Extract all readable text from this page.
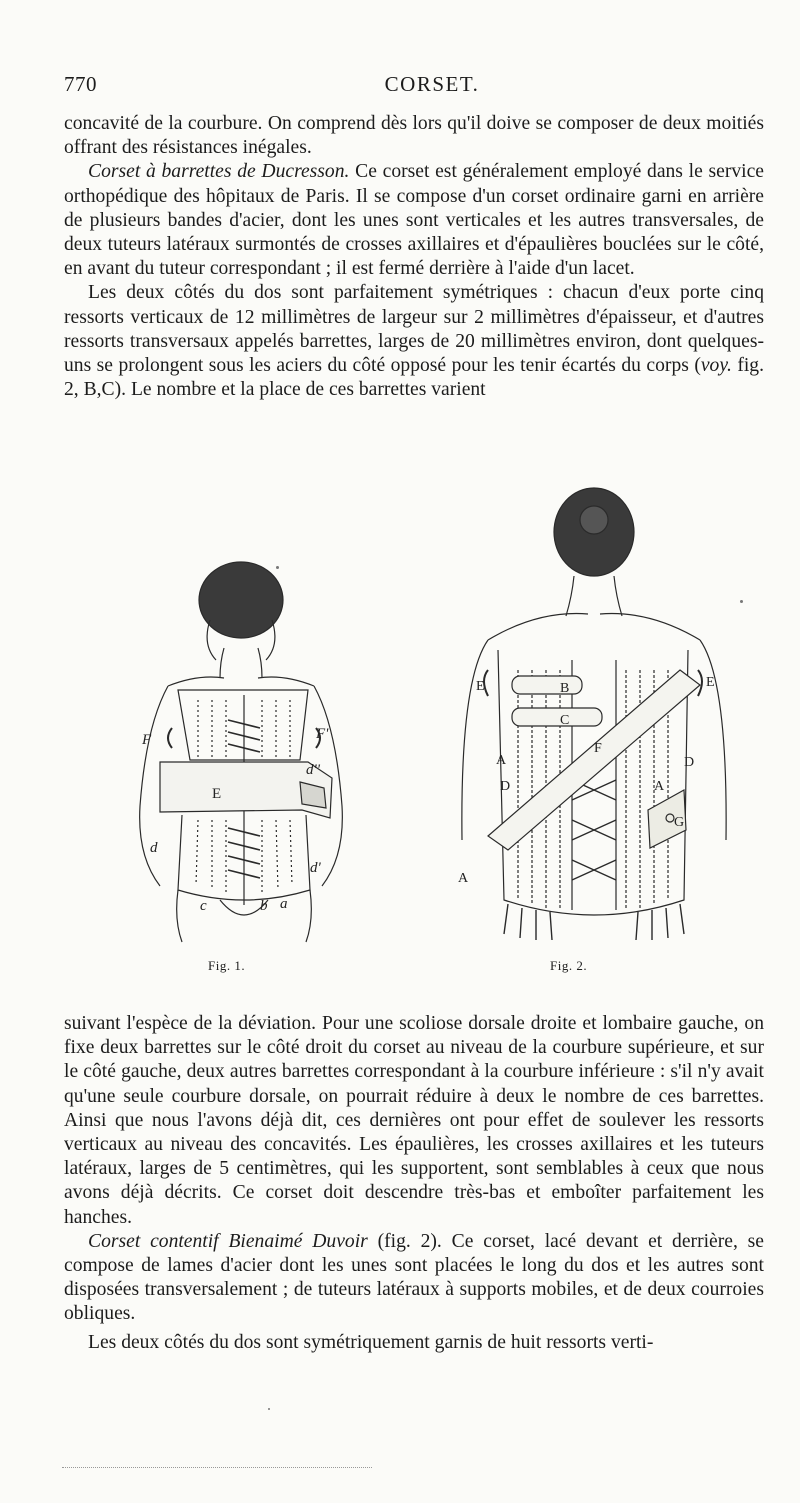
770	CORSET.

concavité de la courbure. On comprend dès lors qu'il doive se composer de deux moitiés offrant des résistances inégales.

Corset à barrettes de Ducresson. Ce corset est généralement employé dans le service orthopédique des hôpitaux de Paris. Il se compose d'un corset ordinaire garni en arrière de plusieurs bandes d'acier, dont les unes sont verticales et les autres transversales, de deux tuteurs latéraux surmontés de crosses axillaires et d'épaulières bouclées sur le côté, en avant du tuteur correspondant ; il est fermé derrière à l'aide d'un lacet.

Les deux côtés du dos sont parfaitement symétriques : chacun d'eux porte cinq ressorts verticaux de 12 millimètres de largeur sur 2 millimètres d'épaisseur, et d'autres ressorts transversaux appelés barrettes, larges de 20 millimètres environ, dont quelques-uns se prolongent sous les aciers du côté opposé pour les tenir écartés du corps (voy. fig. 2, B,C). Le nombre et la place de ces barrettes varient

F	F'
d''
E
d
d'
c	b a
Fig. 1.
E	E
B
C
F
A
D
D
A
G
A
Fig. 2.

suivant l'espèce de la déviation. Pour une scoliose dorsale droite et lombaire gauche, on fixe deux barrettes sur le côté droit du corset au niveau de la courbure supérieure, et sur le côté gauche, deux autres barrettes correspondant à la courbure inférieure : s'il n'y avait qu'une seule courbure dorsale, on pourrait réduire à deux le nombre de ces barrettes. Ainsi que nous l'avons déjà dit, ces dernières ont pour effet de soulever les ressorts verticaux au niveau des concavités. Les épaulières, les crosses axillaires et les tuteurs latéraux, larges de 5 centimètres, qui les supportent, sont semblables à ceux que nous avons déjà décrits. Ce corset doit descendre très-bas et emboîter parfaitement les hanches.

Corset contentif Bienaimé Duvoir (fig. 2). Ce corset, lacé devant et derrière, se compose de lames d'acier dont les unes sont placées le long du dos et les autres sont disposées transversalement ; de tuteurs latéraux à supports mobiles, et de deux courroies obliques.

Les deux côtés du dos sont symétriquement garnis de huit ressorts verti-
